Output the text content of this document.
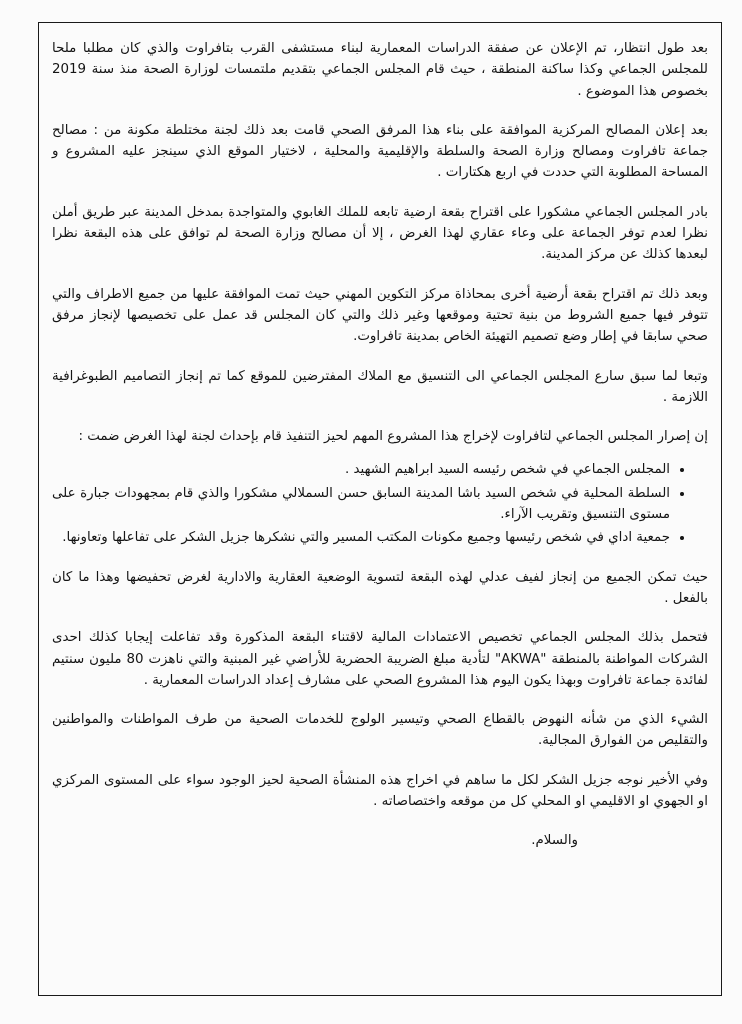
بعد طول انتظار، تم الإعلان عن صفقة الدراسات المعمارية لبناء مستشفى القرب بتافراوت والذي كان مطلبا ملحا للمجلس الجماعي وكذا ساكنة المنطقة ، حيث قام المجلس الجماعي بتقديم ملتمسات لوزارة الصحة منذ سنة 2019 بخصوص هذا الموضوع .

بعد إعلان المصالح المركزية الموافقة على بناء هذا المرفق الصحي قامت بعد ذلك لجنة مختلطة مكونة من : مصالح جماعة تافراوت ومصالح وزارة الصحة والسلطة والإقليمية والمحلية ، لاختيار الموقع الذي سينجز عليه المشروع و المساحة المطلوبة التي حددت في اربع هكتارات .

بادر المجلس الجماعي مشكورا على اقتراح بقعة ارضية تابعه للملك الغابوي والمتواجدة بمدخل المدينة عبر طريق أملن نظرا لعدم توفر الجماعة على وعاء عقاري لهذا الغرض ، إلا أن مصالح وزارة الصحة لم توافق على هذه البقعة نظرا لبعدها كذلك عن مركز المدينة.

وبعد ذلك تم اقتراح بقعة أرضية أخرى بمحاذاة مركز التكوين المهني حيث تمت الموافقة عليها من جميع الاطراف والتي تتوفر فيها جميع الشروط من بنية تحتية وموقعها وغير ذلك والتي كان المجلس قد عمل على تخصيصها لإنجاز مرفق صحي سابقا في إطار وضع تصميم التهيئة الخاص بمدينة تافراوت.

وتبعا لما سبق سارع المجلس الجماعي الى التنسيق مع الملاك المفترضين للموقع كما تم إنجاز التصاميم الطبوغرافية اللازمة .

إن إصرار المجلس الجماعي لتافراوت لإخراج هذا المشروع المهم لحيز التنفيذ قام بإحداث لجنة لهذا الغرض ضمت :

• المجلس الجماعي في شخص رئيسه السيد ابراهيم الشهيد .
• السلطة المحلية في شخص السيد باشا المدينة السابق حسن السملالي مشكورا والذي قام بمجهودات جبارة على مستوى التنسيق وتقريب الآراء.
• جمعية اداي في شخص رئيسها وجميع مكونات المكتب المسير والتي نشكرها جزيل الشكر على تفاعلها وتعاونها.

حيث تمكن الجميع من إنجاز لفيف عدلي لهذه البقعة لتسوية الوضعية العقارية والادارية لغرض تحفيضها وهذا ما كان بالفعل .

فتحمل بذلك المجلس الجماعي تخصيص الاعتمادات المالية لاقتناء البقعة المذكورة وقد تفاعلت إيجابا كذلك احدى الشركات المواطنة بالمنطقة "AKWA" لتأدية مبلغ الضريبة الحضرية للأراضي غير المبنية والتي ناهزت 80 مليون سنتيم لفائدة جماعة تافراوت وبهذا يكون اليوم هذا المشروع الصحي على مشارف إعداد الدراسات المعمارية .

الشيء الذي من شأنه النهوض بالقطاع الصحي وتيسير الولوج للخدمات الصحية من طرف المواطنات والمواطنين والتقليص من الفوارق المجالية.

وفي الأخير نوجه جزيل الشكر لكل ما ساهم في اخراج هذه المنشأة الصحية لحيز الوجود سواء على المستوى المركزي او الجهوي او الاقليمي او المحلي كل من موقعه واختصاصاته .

والسلام.
